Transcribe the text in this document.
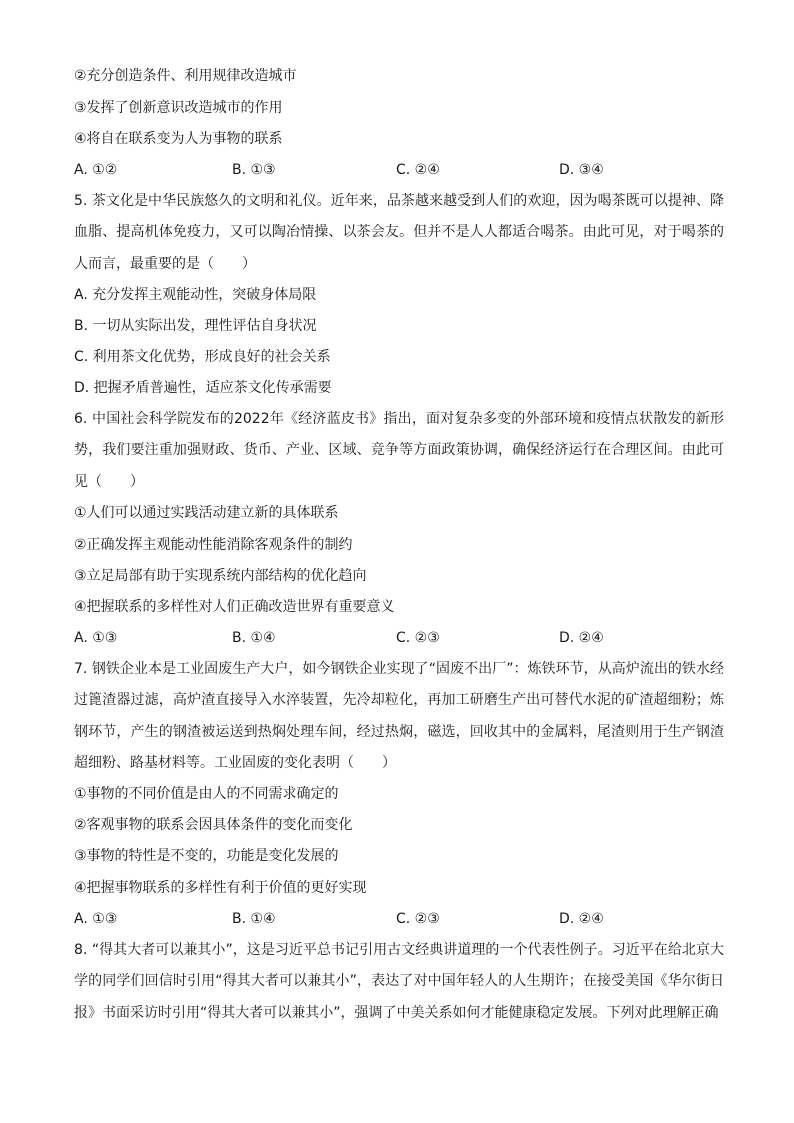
②充分创造条件、利用规律改造城市
③发挥了创新意识改造城市的作用
④将自在联系变为人为事物的联系
A. ①②	B. ①③	C. ②④	D. ③④
5. 茶文化是中华民族悠久的文明和礼仪。近年来，品茶越来越受到人们的欢迎，因为喝茶既可以提神、降血脂、提高机体免疫力，又可以陶冶情操、以茶会友。但并不是人人都适合喝茶。由此可见，对于喝茶的人而言，最重要的是（　　）
A. 充分发挥主观能动性，突破身体局限
B. 一切从实际出发，理性评估自身状况
C. 利用茶文化优势，形成良好的社会关系
D. 把握矛盾普遍性，适应茶文化传承需要
6. 中国社会科学院发布的2022年《经济蓝皮书》指出，面对复杂多变的外部环境和疫情点状散发的新形势，我们要注重加强财政、货币、产业、区域、竞争等方面政策协调，确保经济运行在合理区间。由此可见（　　）
①人们可以通过实践活动建立新的具体联系
②正确发挥主观能动性能消除客观条件的制约
③立足局部有助于实现系统内部结构的优化趋向
④把握联系的多样性对人们正确改造世界有重要意义
A. ①③	B. ①④	C. ②③	D. ②④
7. 钢铁企业本是工业固废生产大户，如今钢铁企业实现了“固废不出厂”：炼铁环节，从高炉流出的铁水经过篦渣器过滤，高炉渣直接导入水淬装置，先冷却粒化，再加工研磨生产出可替代水泥的矿渣超细粉；炼钢环节，产生的钢渣被运送到热焖处理车间，经过热焖，磁选，回收其中的金属料，尾渣则用于生产钢渣超细粉、路基材料等。工业固废的变化表明（　　）
①事物的不同价值是由人的不同需求确定的
②客观事物的联系会因具体条件的变化而变化
③事物的特性是不变的，功能是变化发展的
④把握事物联系的多样性有利于价值的更好实现
A. ①③	B. ①④	C. ②③	D. ②④
8. “得其大者可以兼其小”，这是习近平总书记引用古文经典讲道理的一个代表性例子。习近平在给北京大学的同学们回信时引用“得其大者可以兼其小”，表达了对中国年轻人的人生期许；在接受美国《华尔街日报》书面采访时引用“得其大者可以兼其小”，强调了中美关系如何才能健康稳定发展。下列对此理解正确
